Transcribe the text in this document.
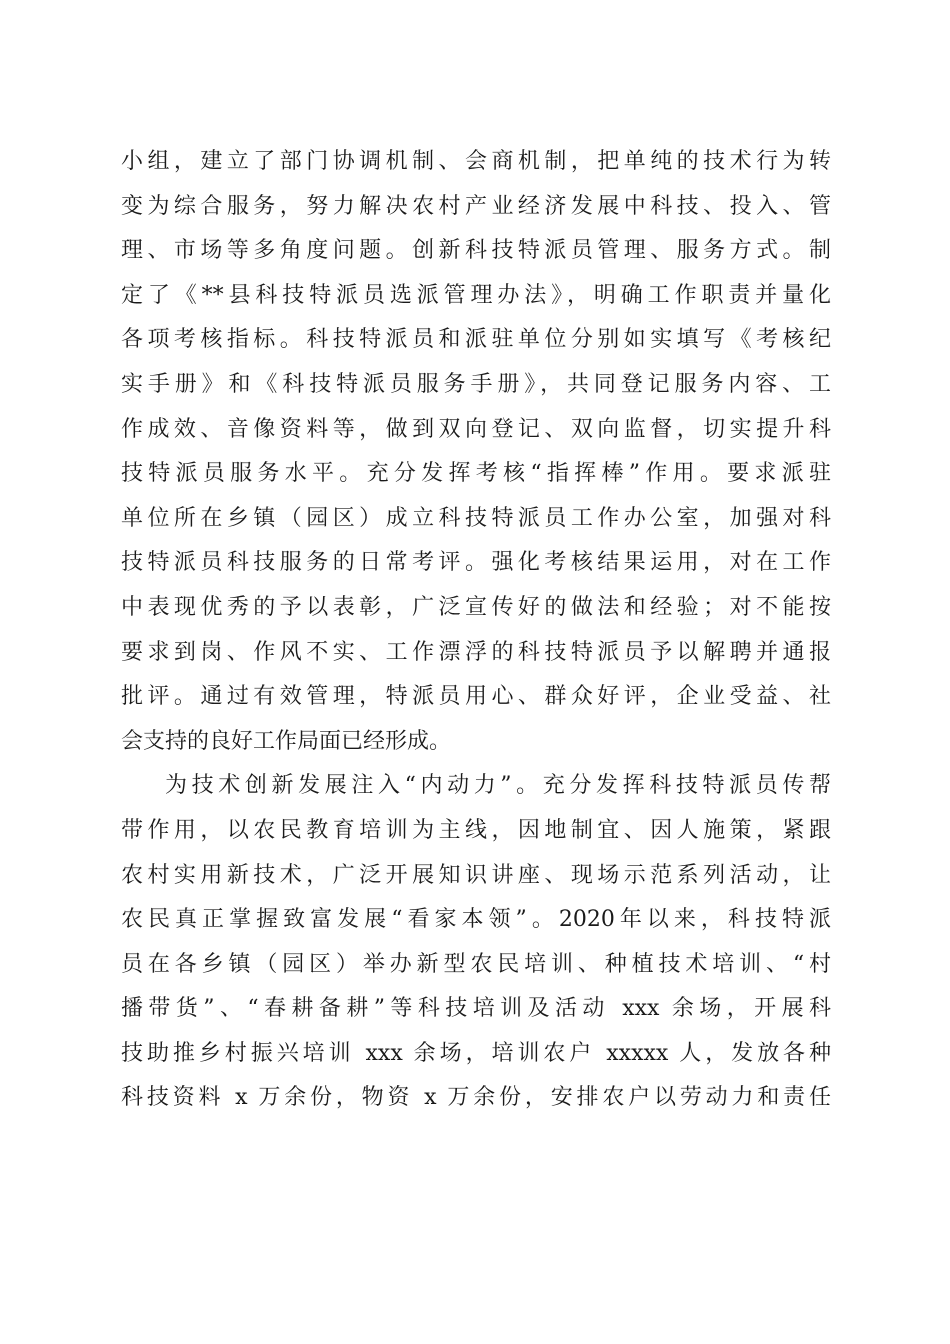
小组，建立了部门协调机制、会商机制，把单纯的技术行为转
变为综合服务，努力解决农村产业经济发展中科技、投入、管
理、市场等多角度问题。创新科技特派员管理、服务方式。制
定了《**县科技特派员选派管理办法》，明确工作职责并量化
各项考核指标。科技特派员和派驻单位分别如实填写《考核纪
实手册》和《科技特派员服务手册》，共同登记服务内容、工
作成效、音像资料等，做到双向登记、双向监督，切实提升科
技特派员服务水平。充分发挥考核“指挥棒”作用。要求派驻
单位所在乡镇（园区）成立科技特派员工作办公室，加强对科
技特派员科技服务的日常考评。强化考核结果运用，对在工作
中表现优秀的予以表彰，广泛宣传好的做法和经验；对不能按
要求到岗、作风不实、工作漂浮的科技特派员予以解聘并通报
批评。通过有效管理，特派员用心、群众好评，企业受益、社
会支持的良好工作局面已经形成。
为技术创新发展注入“内动力”。充分发挥科技特派员传帮
带作用，以农民教育培训为主线，因地制宜、因人施策，紧跟
农村实用新技术，广泛开展知识讲座、现场示范系列活动，让
农民真正掌握致富发展“看家本领”。2020年以来，科技特派
员在各乡镇（园区）举办新型农民培训、种植技术培训、“村
播带货”、“春耕备耕”等科技培训及活动 xxx 余场，开展科
技助推乡村振兴培训 xxx 余场，培训农户 xxxxx 人，发放各种
科技资料 x 万余份，物资 x 万余份，安排农户以劳动力和责任
